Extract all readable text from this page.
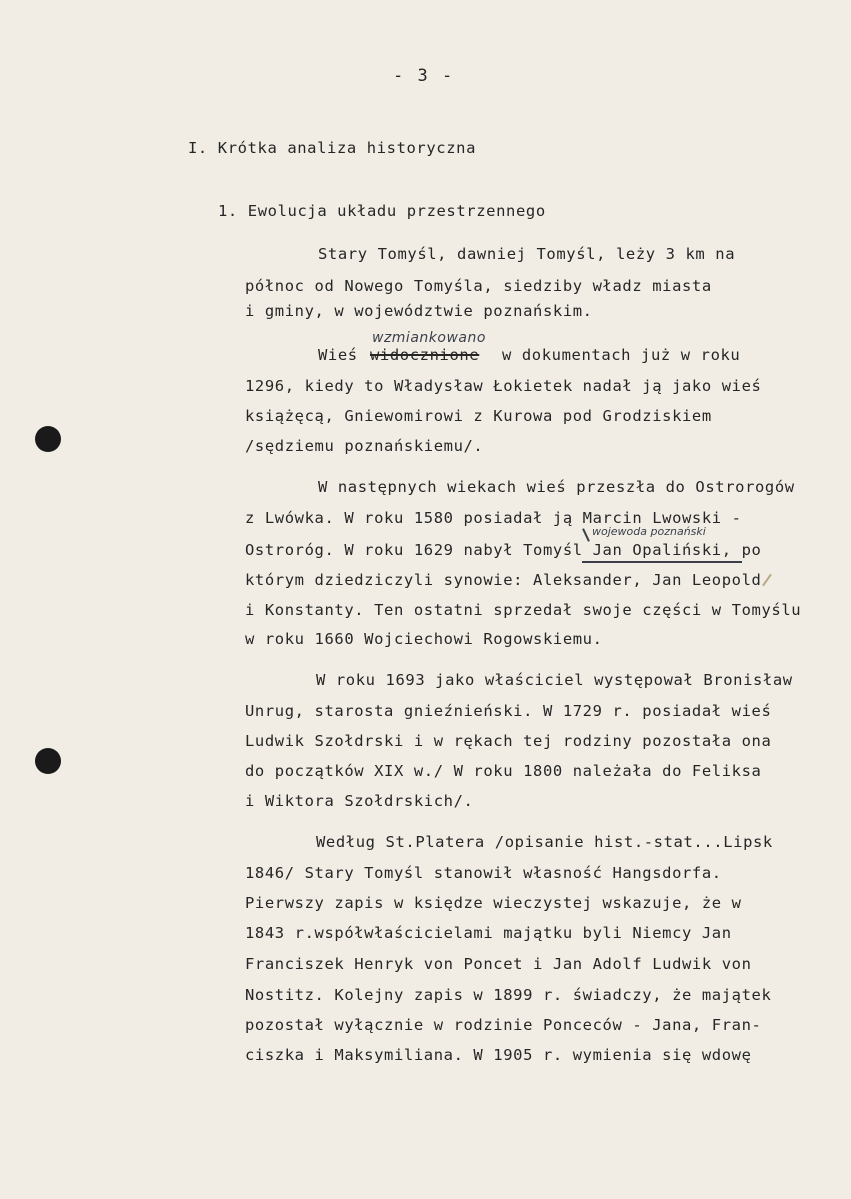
- 3 -
I. Krótka analiza historyczna
1. Ewolucja układu przestrzennego
Stary Tomyśl, dawniej Tomyśl, leży 3 km na
północ od Nowego Tomyśla, siedziby władz miasta
i gminy, w województwie poznańskim.
wzmiankowano
Wieś widocznione w dokumentach już w roku
1296, kiedy to Władysław Łokietek nadał ją jako wieś
książęcą, Gniewomirowi z Kurowa pod Grodziskiem
/sędziemu poznańskiemu/.
W następnych wiekach wieś przeszła do Ostrorogów
z Lwówka. W roku 1580 posiadał ją Marcin Lwowski -
wojewoda poznański
Ostroróg. W roku 1629 nabył Tomyśl Jan Opaliński, po
którym dziedziczyli synowie: Aleksander, Jan Leopold
i Konstanty. Ten ostatni sprzedał swoje części w Tomyślu
w roku 1660 Wojciechowi Rogowskiemu.
W roku 1693 jako właściciel występował Bronisław
Unrug, starosta gnieźnieński. W 1729 r. posiadał wieś
Ludwik Szołdrski i w rękach tej rodziny pozostała ona
do początków XIX w./ W roku 1800 należała do Feliksa
i Wiktora Szołdrskich/.
Według St.Platera /opisanie hist.-stat...Lipsk
1846/ Stary Tomyśl stanowił własność Hangsdorfa.
Pierwszy zapis w księdze wieczystej wskazuje, że w
1843 r.współwłaścicielami majątku byli Niemcy Jan
Franciszek Henryk von Poncet i Jan Adolf Ludwik von
Nostitz. Kolejny zapis w 1899 r. świadczy, że majątek
pozostał wyłącznie w rodzinie Ponceców - Jana, Fran-
ciszka i Maksymiliana. W 1905 r. wymienia się wdowę
